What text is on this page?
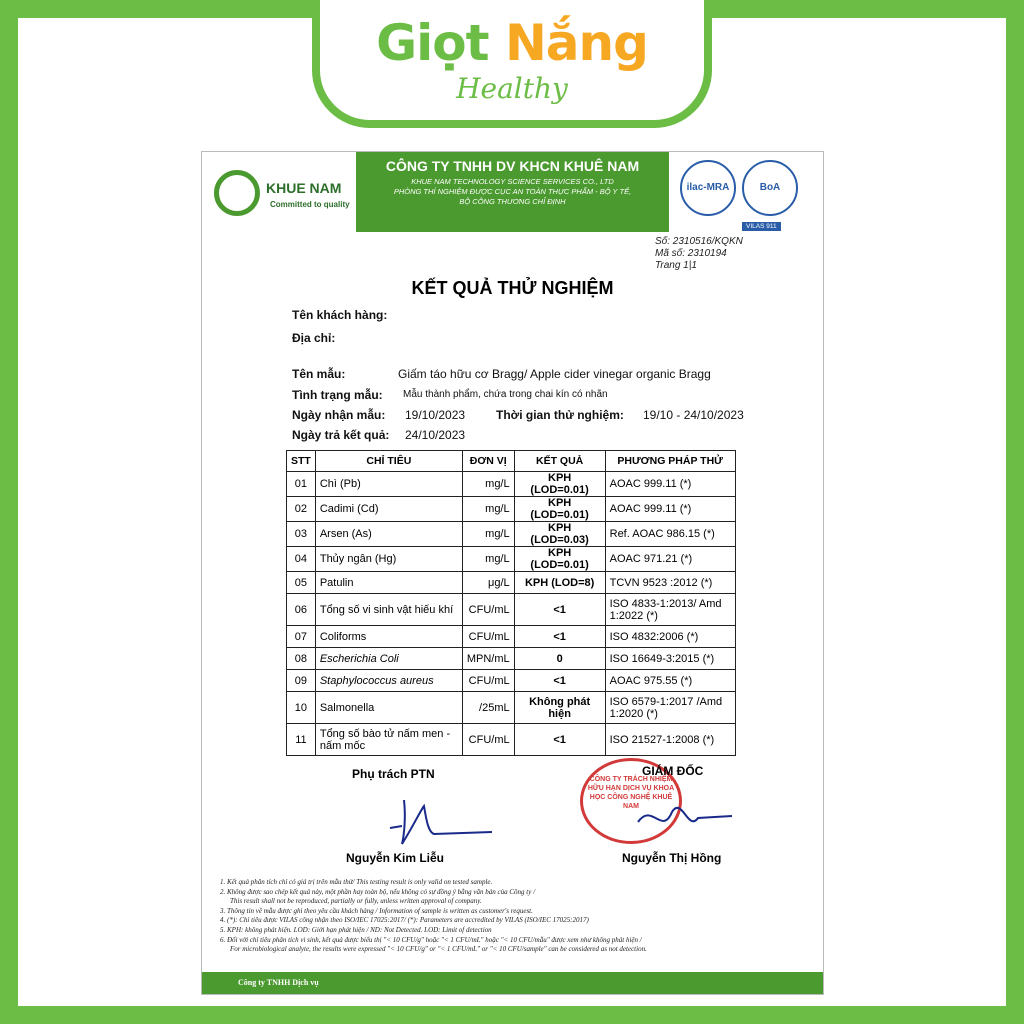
Giọt Nắng
Healthy
KHUE NAM
Committed to quality
CÔNG TY TNHH DV KHCN KHUÊ NAM
KHUE NAM TECHNOLOGY SCIENCE SERVICES CO., LTD
PHÒNG THÍ NGHIỆM ĐƯỢC CỤC AN TOÀN THỰC PHẨM - BỘ Y TẾ,
BỘ CÔNG THƯƠNG CHỈ ĐỊNH
ilac-MRA	BoA
VILAS 911
Số: 2310516/KQKN
Mã số: 2310194
Trang 1|1
KẾT QUẢ THỬ NGHIỆM
Tên khách hàng:
Địa chỉ:
Tên mẫu:	Giấm táo hữu cơ Bragg/ Apple cider vinegar organic Bragg
Tình trạng mẫu: Mẫu thành phẩm, chứa trong chai kín có nhãn
Ngày nhận mẫu: 19/10/2023	Thời gian thử nghiệm: 19/10 - 24/10/2023
Ngày trả kết quả: 24/10/2023
STT	CHỈ TIÊU	ĐƠN VỊ	KẾT QUẢ	PHƯƠNG PHÁP THỬ
01	Chì (Pb)	mg/L	KPH (LOD=0.01)	AOAC 999.11 (*)
02	Cadimi (Cd)	mg/L	KPH (LOD=0.01)	AOAC 999.11 (*)
03	Arsen (As)	mg/L	KPH (LOD=0.03)	Ref. AOAC 986.15 (*)
04	Thủy ngân (Hg)	mg/L	KPH (LOD=0.01)	AOAC 971.21 (*)
05	Patulin	μg/L	KPH (LOD=8)	TCVN 9523 :2012 (*)
06	Tổng số vi sinh vật hiếu khí	CFU/mL	<1	ISO 4833-1:2013/ Amd 1:2022 (*)
07	Coliforms	CFU/mL	<1	ISO 4832:2006 (*)
08	Escherichia Coli	MPN/mL	0	ISO 16649-3:2015 (*)
09	Staphylococcus aureus	CFU/mL	<1	AOAC 975.55 (*)
10	Salmonella	/25mL	Không phát hiện	ISO 6579-1:2017 /Amd 1:2020 (*)
11	Tổng số bào tử nấm men - nấm mốc	CFU/mL	<1	ISO 21527-1:2008 (*)
Phụ trách PTN
Nguyễn Kim Liễu
CÔNG TY TRÁCH NHIỆM HỮU HẠN DỊCH VỤ KHOA HỌC CÔNG NGHỆ KHUÊ NAM
GIÁM ĐỐC
Nguyễn Thị Hồng
1. Kết quả phân tích chỉ có giá trị trên mẫu thử/ This testing result is only valid on tested sample.
2. Không được sao chép kết quả này, một phần hay toàn bộ, nếu không có sự đồng ý bằng văn bản của Công ty /
This result shall not be reproduced, partially or fully, unless written approval of company.
3. Thông tin về mẫu được ghi theo yêu cầu khách hàng / Information of sample is written as customer's request.
4. (*): Chỉ tiêu được VILAS công nhận theo ISO/IEC 17025:2017/ (*): Parameters are accredited by VILAS (ISO/IEC 17025:2017)
5. KPH: không phát hiện. LOD: Giới hạn phát hiện / ND: Not Detected. LOD: Limit of detection
6. Đối với chỉ tiêu phân tích vi sinh, kết quả được biểu thị "< 10 CFU/g" hoặc "< 1 CFU/mL" hoặc "< 10 CFU/mẫu" được xem như không phát hiện /
For microbiological analyte, the results were expressed "< 10 CFU/g" or "< 1 CFU/mL" or "< 10 CFU/sample" can be considered as not detection.
Công ty TNHH Dịch vụ
